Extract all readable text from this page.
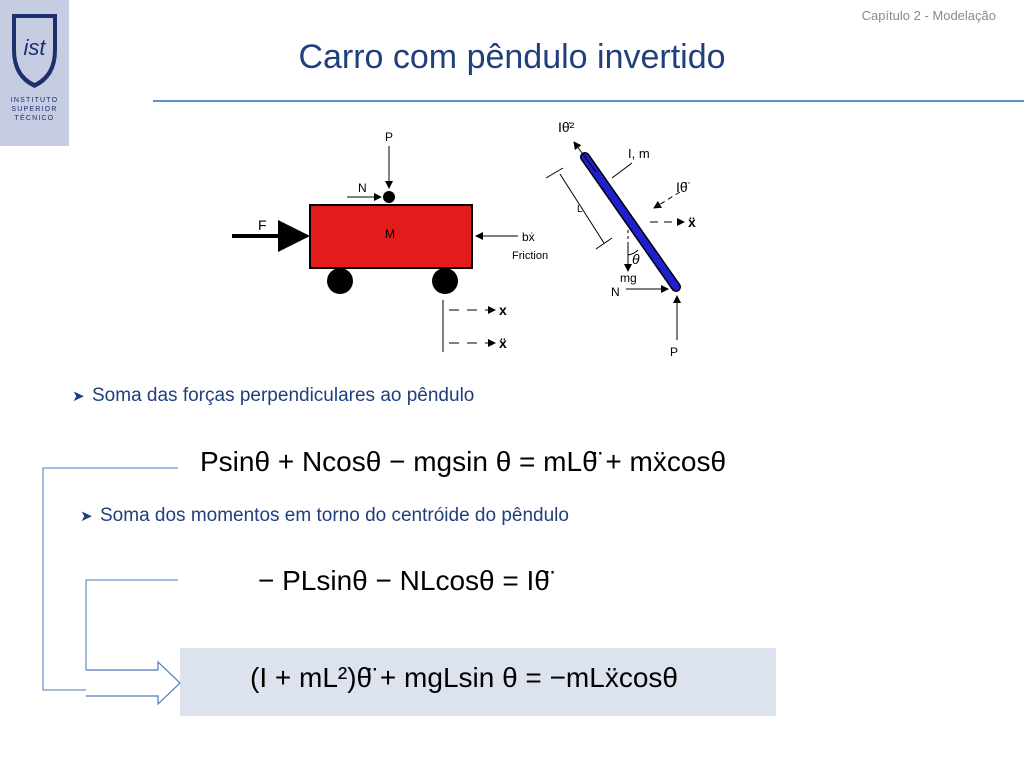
ist
INSTITUTO
SUPERIOR
TÉCNICO
Capítulo 2 - Modelação
Carro com pêndulo invertido
M
F
P
N
bẋ
Friction
x
ẍ
Iθ̇²
I, m
Iθ̈
L
ẍ
θ
mg
N
P
➤ Soma das forças perpendiculares ao pêndulo
Psinθ + Ncosθ − mgsin θ = mLθ̈ + mẍcosθ
➤ Soma dos momentos em torno do centróide do pêndulo
− PLsinθ − NLcosθ = Iθ̈
(I + mL²)θ̈ + mgLsin θ = −mLẍcosθ
